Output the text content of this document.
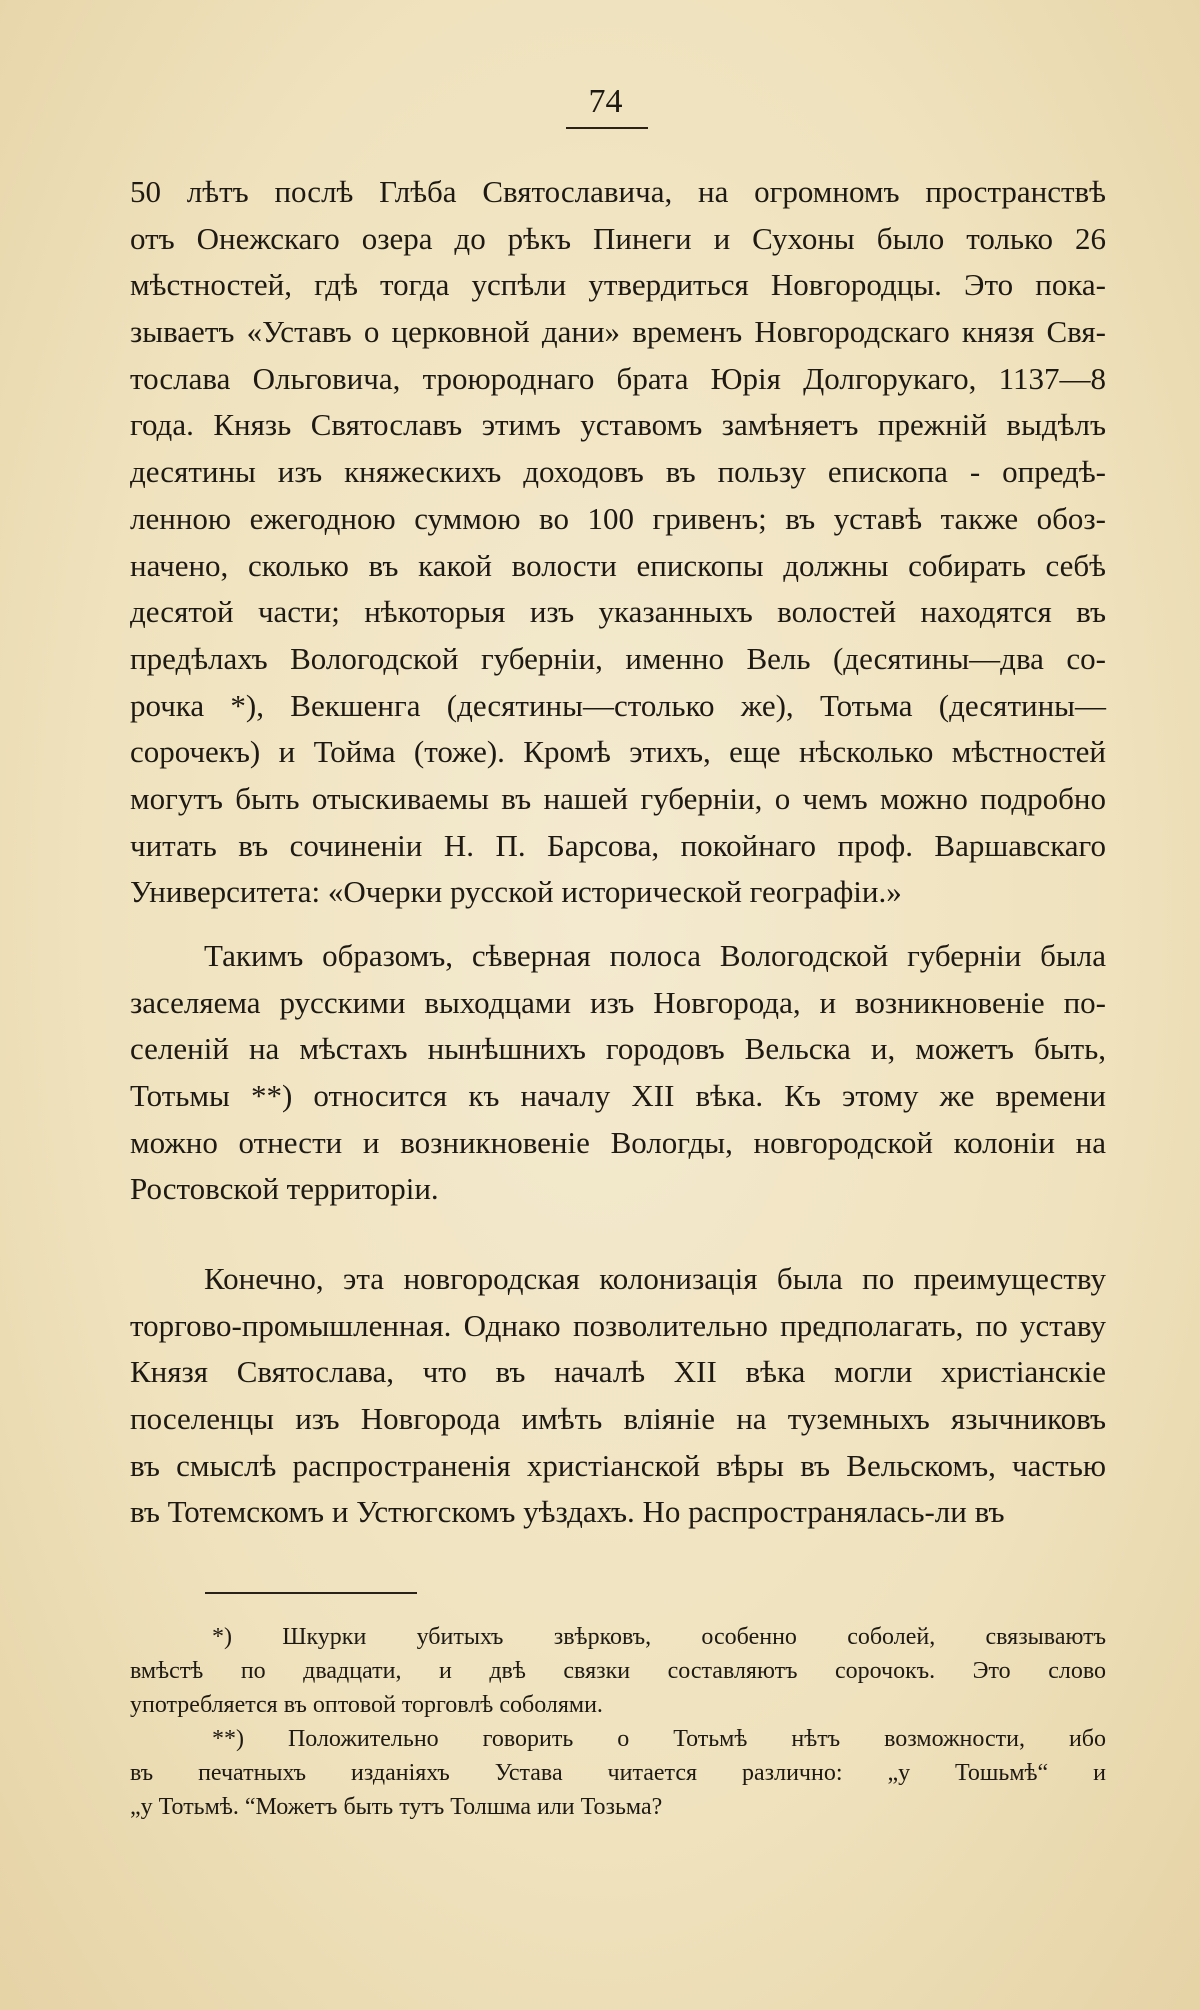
74
50 лѣтъ послѣ Глѣба Святославича, на огромномъ пространствѣ
отъ Онежскаго озера до рѣкъ Пинеги и Сухоны было только 26
мѣстностей, гдѣ тогда успѣли утвердиться Новгородцы. Это пока-
зываетъ «Уставъ о церковной дани» временъ Новгородскаго князя Свя-
тослава Ольговича, троюроднаго брата Юрія Долгорукаго, 1137—8
года. Князь Святославъ этимъ уставомъ замѣняетъ прежній выдѣлъ
десятины изъ княжескихъ доходовъ въ пользу епископа - опредѣ-
ленною ежегодною суммою во 100 гривенъ; въ уставѣ также обоз-
начено, сколько въ какой волости епископы должны собирать себѣ
десятой части; нѣкоторыя изъ указанныхъ волостей находятся въ
предѣлахъ Вологодской губерніи, именно Вель (десятины—два со-
рочка *), Векшенга (десятины—столько же), Тотьма (десятины—
сорочекъ) и Тойма (тоже). Кромѣ этихъ, еще нѣсколько мѣстностей
могутъ быть отыскиваемы въ нашей губерніи, о чемъ можно подробно
читать въ сочиненіи Н. П. Барсова, покойнаго проф. Варшавскаго
Университета: «Очерки русской исторической географіи.»
Такимъ образомъ, сѣверная полоса Вологодской губерніи была
заселяема русскими выходцами изъ Новгорода, и возникновеніе по-
селеній на мѣстахъ нынѣшнихъ городовъ Вельска и, можетъ быть,
Тотьмы **) относится къ началу XII вѣка. Къ этому же времени
можно отнести и возникновеніе Вологды, новгородской колоніи на
Ростовской территоріи.
Конечно, эта новгородская колонизація была по преимуществу
торгово-промышленная. Однако позволительно предполагать, по уставу
Князя Святослава, что въ началѣ XII вѣка могли христіанскіе
поселенцы изъ Новгорода имѣть вліяніе на туземныхъ язычниковъ
въ смыслѣ распространенія христіанской вѣры въ Вельскомъ, частью
въ Тотемскомъ и Устюгскомъ уѣздахъ. Но распространялась-ли въ
*) Шкурки убитыхъ звѣрковъ, особенно соболей, связываютъ
вмѣстѣ по двадцати, и двѣ связки составляютъ сорочокъ. Это слово
употребляется въ оптовой торговлѣ соболями.
**) Положительно говорить о Тотьмѣ нѣтъ возможности, ибо
въ печатныхъ изданіяхъ Устава читается различно: „у Тошьмѣ“ и
„у Тотьмѣ. “Можетъ быть тутъ Толшма или Тозьма?
